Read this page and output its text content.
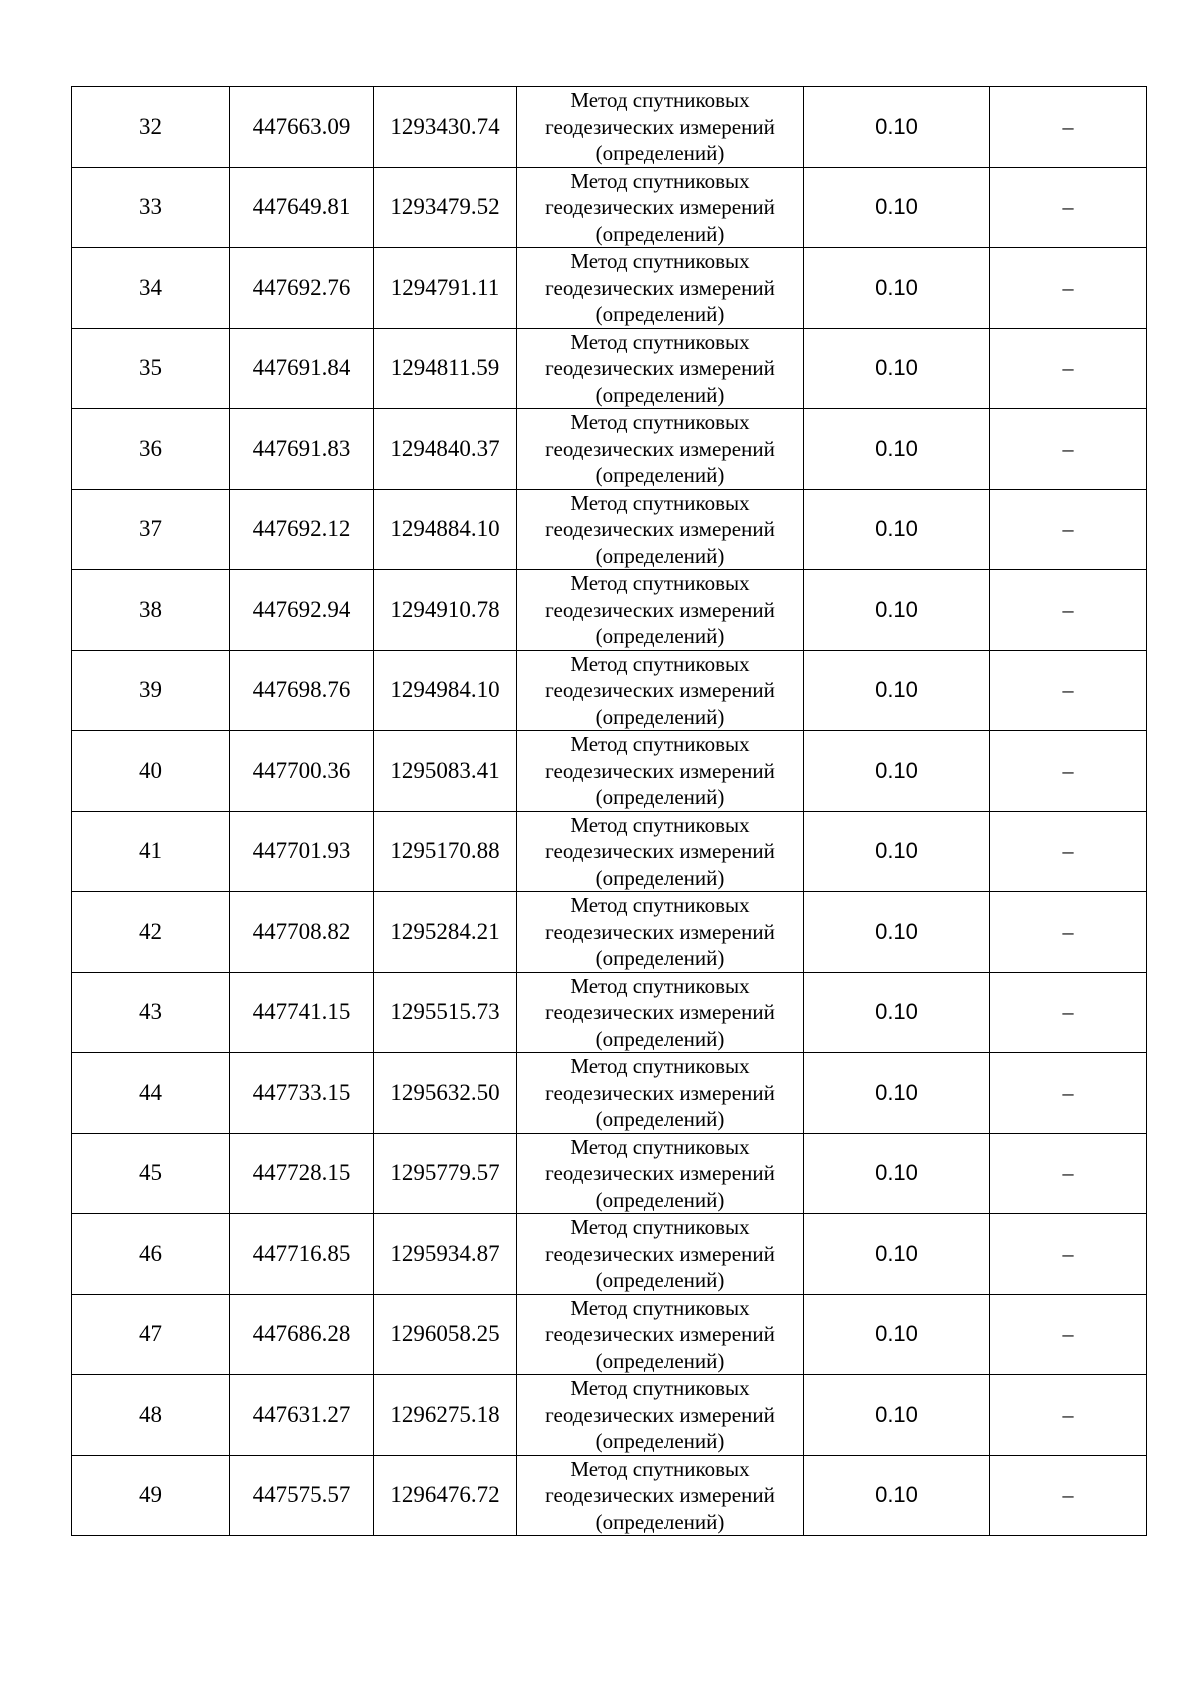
32	447663.09	1293430.74	Метод спутниковых
геодезических измерений
(определений)	0.10	–
33	447649.81	1293479.52	Метод спутниковых
геодезических измерений
(определений)	0.10	–
34	447692.76	1294791.11	Метод спутниковых
геодезических измерений
(определений)	0.10	–
35	447691.84	1294811.59	Метод спутниковых
геодезических измерений
(определений)	0.10	–
36	447691.83	1294840.37	Метод спутниковых
геодезических измерений
(определений)	0.10	–
37	447692.12	1294884.10	Метод спутниковых
геодезических измерений
(определений)	0.10	–
38	447692.94	1294910.78	Метод спутниковых
геодезических измерений
(определений)	0.10	–
39	447698.76	1294984.10	Метод спутниковых
геодезических измерений
(определений)	0.10	–
40	447700.36	1295083.41	Метод спутниковых
геодезических измерений
(определений)	0.10	–
41	447701.93	1295170.88	Метод спутниковых
геодезических измерений
(определений)	0.10	–
42	447708.82	1295284.21	Метод спутниковых
геодезических измерений
(определений)	0.10	–
43	447741.15	1295515.73	Метод спутниковых
геодезических измерений
(определений)	0.10	–
44	447733.15	1295632.50	Метод спутниковых
геодезических измерений
(определений)	0.10	–
45	447728.15	1295779.57	Метод спутниковых
геодезических измерений
(определений)	0.10	–
46	447716.85	1295934.87	Метод спутниковых
геодезических измерений
(определений)	0.10	–
47	447686.28	1296058.25	Метод спутниковых
геодезических измерений
(определений)	0.10	–
48	447631.27	1296275.18	Метод спутниковых
геодезических измерений
(определений)	0.10	–
49	447575.57	1296476.72	Метод спутниковых
геодезических измерений
(определений)	0.10	–
